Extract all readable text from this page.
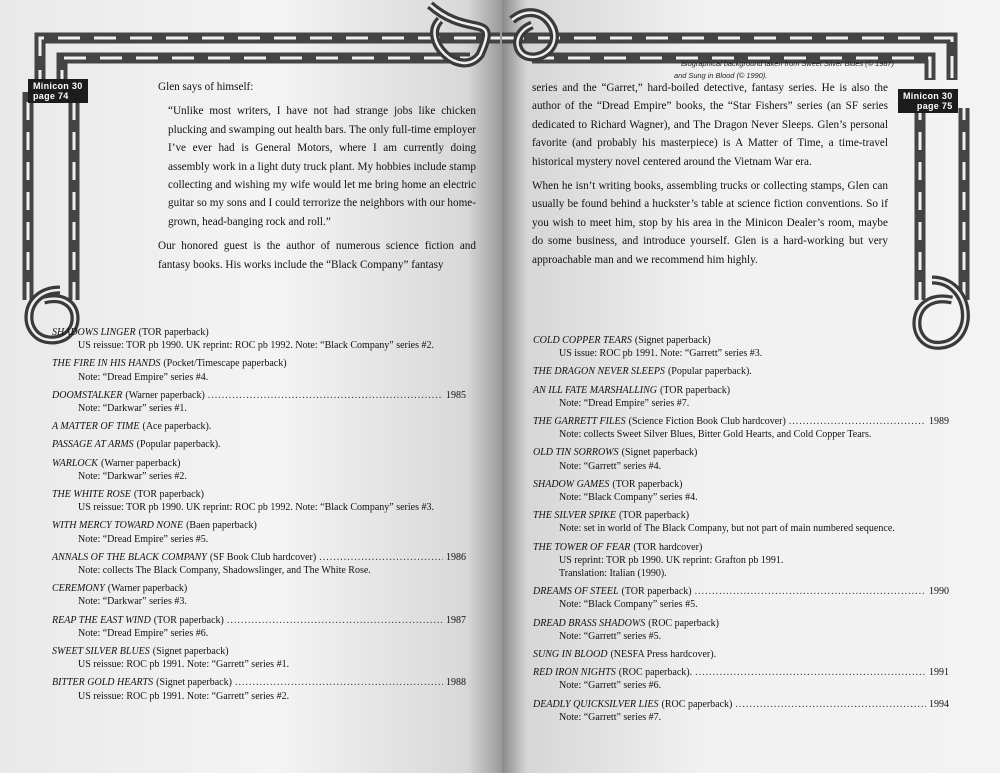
Minicon 30
page 74

Glen says of himself:

“Unlike most writers, I have not had strange jobs like chicken plucking and swamping out health bars. The only full-time employer I’ve ever had is General Motors, where I am currently doing assembly work in a light duty truck plant. My hobbies include stamp collecting and wishing my wife would let me bring home an electric guitar so my sons and I could terrorize the neighbors with our home-grown, head-banging rock and roll.”

Our honored guest is the author of numerous science fiction and fantasy books. His works include the “Black Company” fantasy

SHADOWS LINGER (TOR paperback)
US reissue: TOR pb 1990. UK reprint: ROC pb 1992. Note: “Black Company” series #2.
THE FIRE IN HIS HANDS (Pocket/Timescape paperback)
Note: “Dread Empire” series #4.
DOOMSTALKER (Warner paperback) .....	1985
Note: “Darkwar” series #1.
A MATTER OF TIME (Ace paperback).
PASSAGE AT ARMS (Popular paperback).
WARLOCK (Warner paperback)
Note: “Darkwar” series #2.
THE WHITE ROSE (TOR paperback)
US reissue: TOR pb 1990. UK reprint: ROC pb 1992. Note: “Black Company” series #3.
WITH MERCY TOWARD NONE (Baen paperback)
Note: “Dread Empire” series #5.
ANNALS OF THE BLACK COMPANY (SF Book Club hardcover) .....	1986
Note: collects The Black Company, Shadowslinger, and The White Rose.
CEREMONY (Warner paperback)
Note: “Darkwar” series #3.
REAP THE EAST WIND (TOR paperback) .....	1987
Note: “Dread Empire” series #6.
SWEET SILVER BLUES (Signet paperback)
US reissue: ROC pb 1991. Note: “Garrett” series #1.
BITTER GOLD HEARTS (Signet paperback) .....	1988
US reissue: ROC pb 1991. Note: “Garrett” series #2.
Biographical background taken from Sweet Silver Blues (© 1987)
and Sung in Blood (© 1990).
Minicon 30
page 75

series and the “Garret,” hard-boiled detective, fantasy series. He is also the author of the “Dread Empire” books, the “Star Fishers” series (an SF series dedicated to Richard Wagner), and The Dragon Never Sleeps. Glen’s personal favorite (and probably his masterpiece) is A Matter of Time, a time-travel historical mystery novel centered around the Vietnam War era.

When he isn’t writing books, assembling trucks or collecting stamps, Glen can usually be found behind a huckster’s table at science fiction conventions. So if you wish to meet him, stop by his area in the Minicon Dealer’s room, maybe do some business, and introduce yourself. Glen is a hard-working but very approachable man and we recommend him highly.

COLD COPPER TEARS (Signet paperback)
US issue: ROC pb 1991. Note: “Garrett” series #3.
THE DRAGON NEVER SLEEPS (Popular paperback).
AN ILL FATE MARSHALLING (TOR paperback)
Note: “Dread Empire” series #7.
THE GARRETT FILES (Science Fiction Book Club hardcover) .....	1989
Note: collects Sweet Silver Blues, Bitter Gold Hearts, and Cold Copper Tears.
OLD TIN SORROWS (Signet paperback)
Note: “Garrett” series #4.
SHADOW GAMES (TOR paperback)
Note: “Black Company” series #4.
THE SILVER SPIKE (TOR paperback)
Note: set in world of The Black Company, but not part of main numbered sequence.
THE TOWER OF FEAR (TOR hardcover)
US reprint: TOR pb 1990. UK reprint: Grafton pb 1991.
Translation: Italian (1990).
DREAMS OF STEEL (TOR paperback) .....	1990
Note: “Black Company” series #5.
DREAD BRASS SHADOWS (ROC paperback)
Note: “Garrett” series #5.
SUNG IN BLOOD (NESFA Press hardcover).
RED IRON NIGHTS (ROC paperback). .....	1991
Note: “Garrett” series #6.
DEADLY QUICKSILVER LIES (ROC paperback) .....	1994
Note: “Garrett” series #7.
